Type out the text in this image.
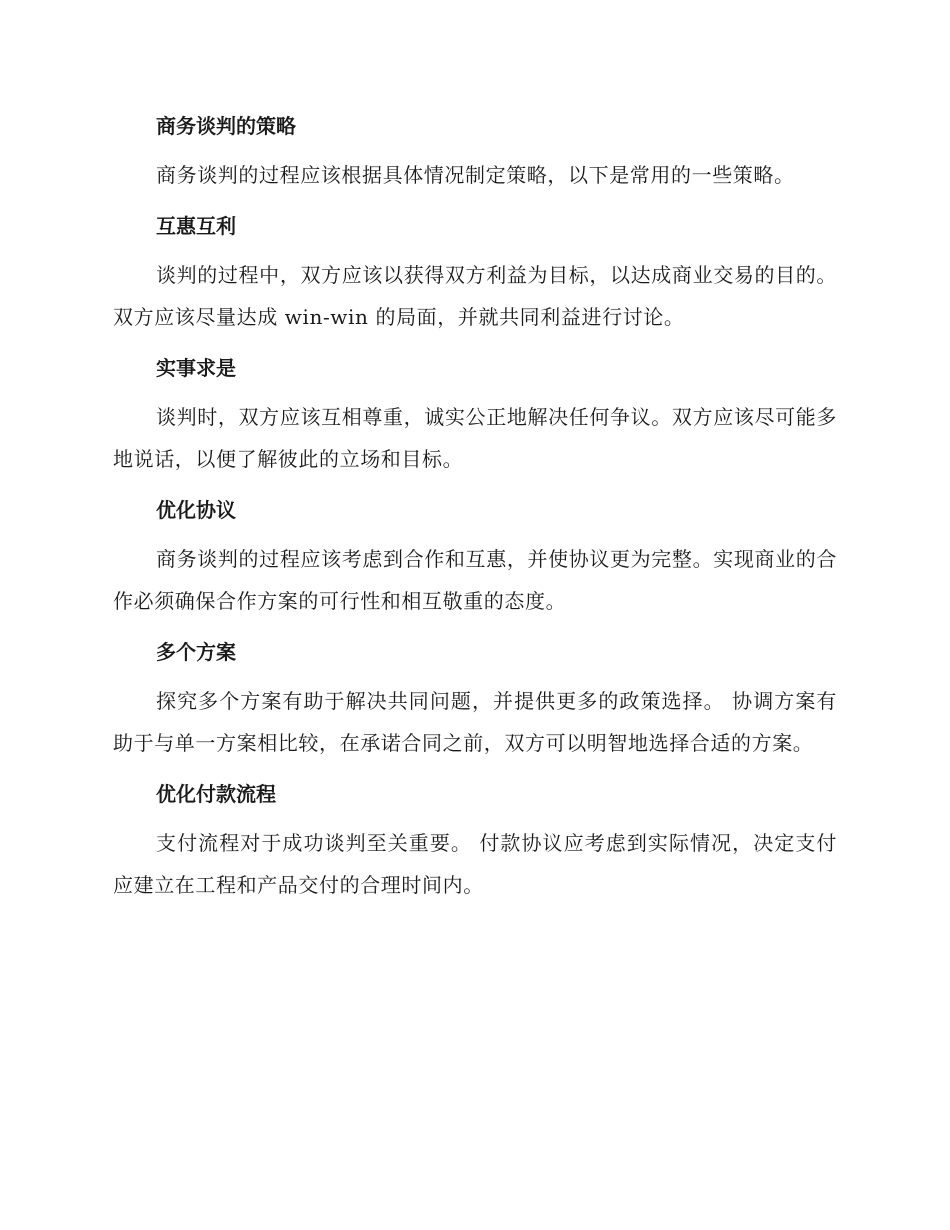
商务谈判的策略

商务谈判的过程应该根据具体情况制定策略，以下是常用的一些策略。

互惠互利

谈判的过程中，双方应该以获得双方利益为目标，以达成商业交易的目的。双方应该尽量达成 win-win 的局面，并就共同利益进行讨论。

实事求是

谈判时，双方应该互相尊重，诚实公正地解决任何争议。双方应该尽可能多地说话，以便了解彼此的立场和目标。

优化协议

商务谈判的过程应该考虑到合作和互惠，并使协议更为完整。实现商业的合作必须确保合作方案的可行性和相互敬重的态度。

多个方案

探究多个方案有助于解决共同问题，并提供更多的政策选择。 协调方案有助于与单一方案相比较，在承诺合同之前，双方可以明智地选择合适的方案。

优化付款流程

支付流程对于成功谈判至关重要。 付款协议应考虑到实际情况，决定支付应建立在工程和产品交付的合理时间内。
